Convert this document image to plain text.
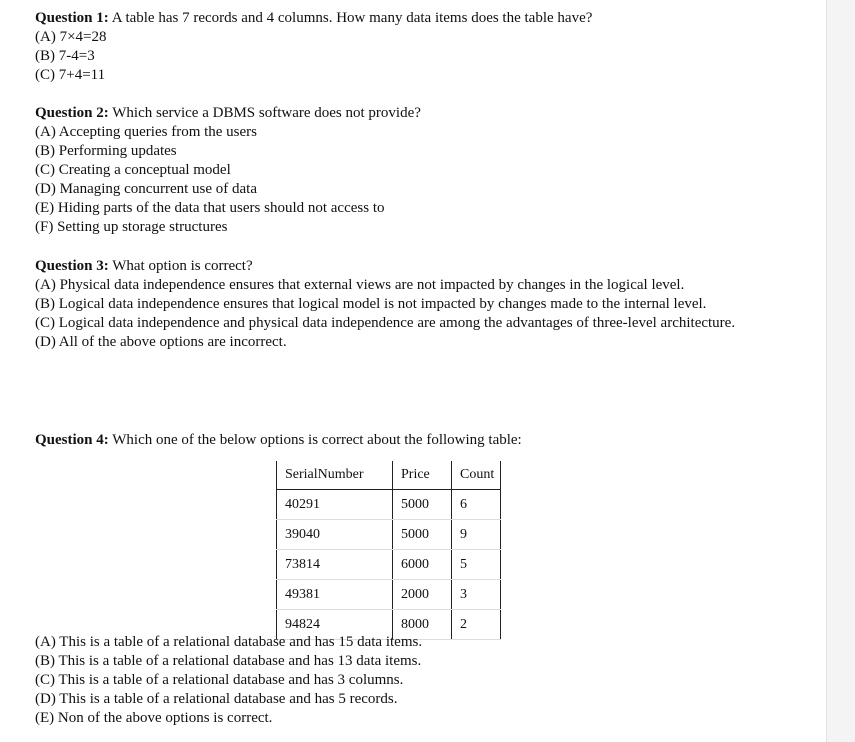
Question 1: A table has 7 records and 4 columns. How many data items does the table have?
(A) 7×4=28
(B) 7-4=3
(C) 7+4=11
Question 2: Which service a DBMS software does not provide?
(A) Accepting queries from the users
(B) Performing updates
(C) Creating a conceptual model
(D) Managing concurrent use of data
(E) Hiding parts of the data that users should not access to
(F) Setting up storage structures
Question 3: What option is correct?
(A) Physical data independence ensures that external views are not impacted by changes in the logical level.
(B) Logical data independence ensures that logical model is not impacted by changes made to the internal level.
(C) Logical data independence and physical data independence are among the advantages of three-level architecture.
(D) All of the above options are incorrect.
Question 4: Which one of the below options is correct about the following table:
SerialNumber	Price	Count
40291	5000	6
39040	5000	9
73814	6000	5
49381	2000	3
94824	8000	2
(A) This is a table of a relational database and has 15 data items.
(B) This is a table of a relational database and has 13 data items.
(C) This is a table of a relational database and has 3 columns.
(D) This is a table of a relational database and has 5 records.
(E) Non of the above options is correct.
